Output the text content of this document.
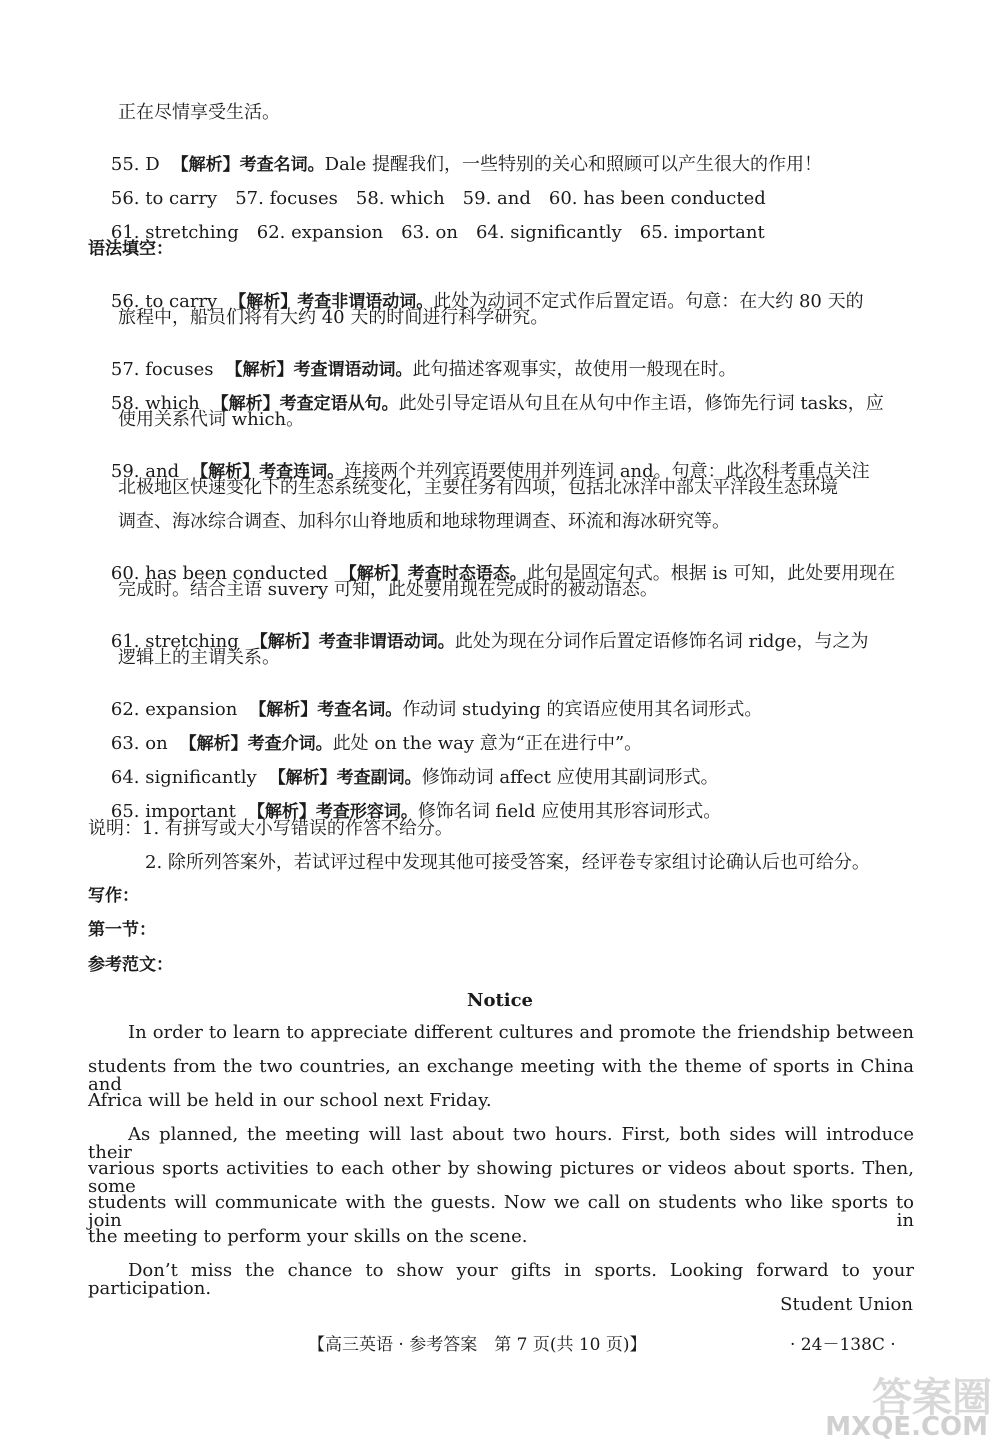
正在尽情享受生活。

55. D 【解析】考查名词。Dale 提醒我们，一些特别的关心和照顾可以产生很大的作用！

56. to carry 57. focuses 58. which 59. and 60. has been conducted

61. stretching 62. expansion 63. on 64. significantly 65. important

语法填空：

56. to carry 【解析】考查非谓语动词。此处为动词不定式作后置定语。句意：在大约 80 天的

旅程中，船员们将有大约 40 天的时间进行科学研究。

57. focuses 【解析】考查谓语动词。此句描述客观事实，故使用一般现在时。

58. which 【解析】考查定语从句。此处引导定语从句且在从句中作主语，修饰先行词 tasks，应

使用关系代词 which。

59. and 【解析】考查连词。连接两个并列宾语要使用并列连词 and。句意：此次科考重点关注

北极地区快速变化下的生态系统变化，主要任务有四项，包括北冰洋中部太平洋段生态环境
调查、海冰综合调查、加科尔山脊地质和地球物理调查、环流和海冰研究等。

60. has been conducted 【解析】考查时态语态。此句是固定句式。根据 is 可知，此处要用现在

完成时。结合主语 suvery 可知，此处要用现在完成时的被动语态。

61. stretching 【解析】考查非谓语动词。此处为现在分词作后置定语修饰名词 ridge，与之为

逻辑上的主谓关系。

62. expansion 【解析】考查名词。作动词 studying 的宾语应使用其名词形式。

63. on 【解析】考查介词。此处 on the way 意为“正在进行中”。

64. significantly 【解析】考查副词。修饰动词 affect 应使用其副词形式。

65. important 【解析】考查形容词。修饰名词 field 应使用其形容词形式。

说明：1. 有拼写或大小写错误的作答不给分。
2. 除所列答案外，若试评过程中发现其他可接受答案，经评卷专家组讨论确认后也可给分。
写作：
第一节：
参考范文：
Notice
In order to learn to appreciate different cultures and promote the friendship between
students from the two countries, an exchange meeting with the theme of sports in China and
Africa will be held in our school next Friday.
As planned, the meeting will last about two hours. First, both sides will introduce their
various sports activities to each other by showing pictures or videos about sports. Then, some
students will communicate with the guests. Now we call on students who like sports to join in
the meeting to perform your skills on the scene.
Don’t miss the chance to show your gifts in sports. Looking forward to your participation.
Student Union
【高三英语 · 参考答案　第 7 页(共 10 页)】	· 24－138C ·
答案圈
MXQE.COM
